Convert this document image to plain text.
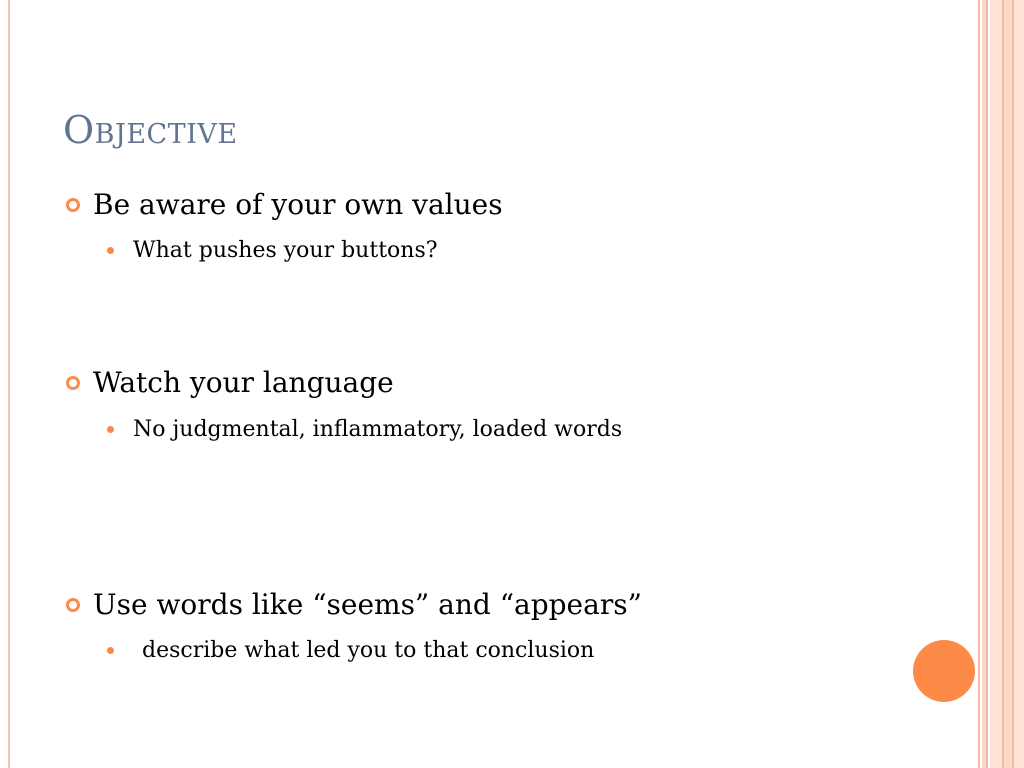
Objective
Be aware of your own values
What pushes your buttons?
Watch your language
No judgmental, inflammatory, loaded words
Use words like “seems” and “appears”
describe what led you to that conclusion
